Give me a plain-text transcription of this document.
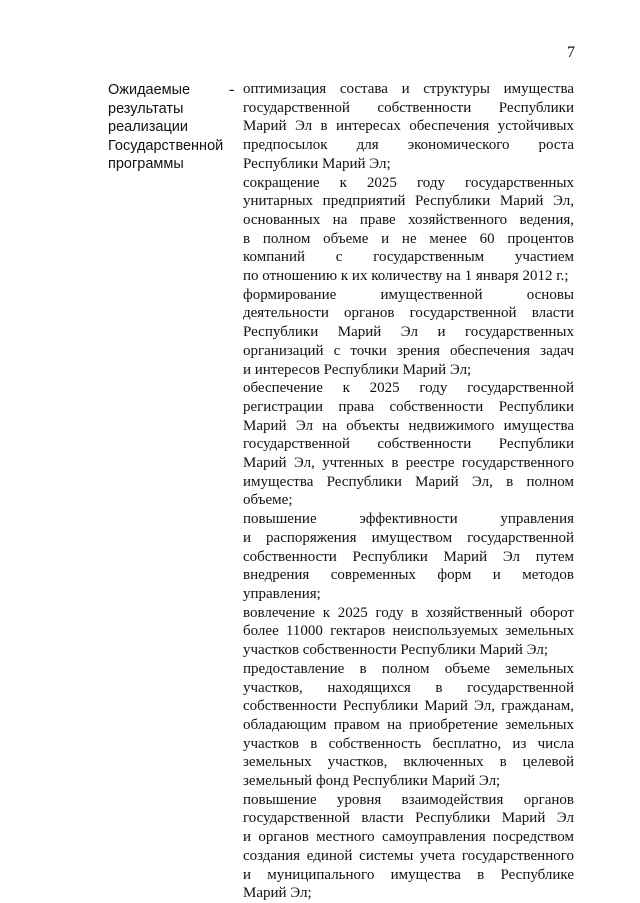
7
Ожидаемые
результаты
реализации
Государственной
программы
- оптимизация состава и структуры имущества
государственной собственности Республики
Марий Эл в интересах обеспечения устойчивых
предпосылок для экономического роста
Республики Марий Эл;
сокращение к 2025 году государственных
унитарных предприятий Республики Марий Эл,
основанных на праве хозяйственного ведения,
в полном объеме и не менее 60 процентов
компаний с государственным участием
по отношению к их количеству на 1 января 2012 г.;
формирование имущественной основы
деятельности органов государственной власти
Республики Марий Эл и государственных
организаций с точки зрения обеспечения задач
и интересов Республики Марий Эл;
обеспечение к 2025 году государственной
регистрации права собственности Республики
Марий Эл на объекты недвижимого имущества
государственной собственности Республики
Марий Эл, учтенных в реестре государственного
имущества Республики Марий Эл, в полном
объеме;
повышение эффективности управления
и распоряжения имуществом государственной
собственности Республики Марий Эл путем
внедрения современных форм и методов
управления;
вовлечение к 2025 году в хозяйственный оборот
более 11000 гектаров неиспользуемых земельных
участков собственности Республики Марий Эл;
предоставление в полном объеме земельных
участков, находящихся в государственной
собственности Республики Марий Эл, гражданам,
обладающим правом на приобретение земельных
участков в собственность бесплатно, из числа
земельных участков, включенных в целевой
земельный фонд Республики Марий Эл;
повышение уровня взаимодействия органов
государственной власти Республики Марий Эл
и органов местного самоуправления посредством
создания единой системы учета государственного
и муниципального имущества в Республике
Марий Эл;
